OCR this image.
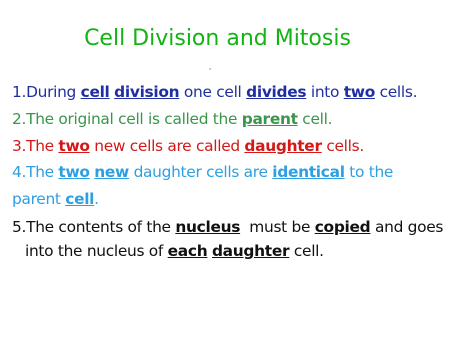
Cell Division and Mitosis

1.During cell division one cell divides into two cells.

2.The original cell is called the parent cell.

3.The two new cells are called daughter cells.

4.The two new daughter cells are identical to the

parent cell.

5.The contents of the nucleus must be copied and goes into the nucleus of each daughter cell.
